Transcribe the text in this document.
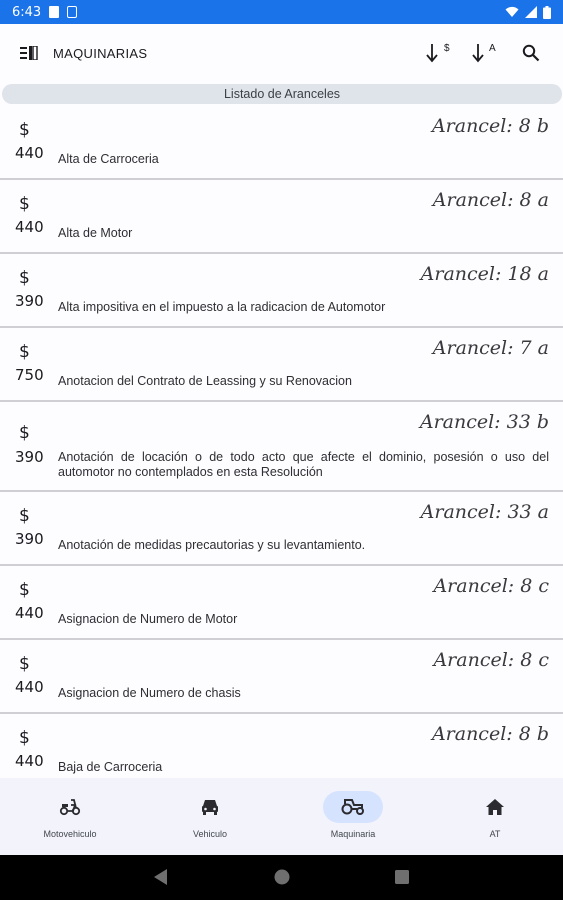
6:43
MAQUINARIAS	$	A
Listado de Aranceles
$
440
Arancel: 8 b
Alta de Carroceria
$
440
Arancel: 8 a
Alta de Motor
$
390
Arancel: 18 a
Alta impositiva en el impuesto a la radicacion de Automotor
$
750
Arancel: 7 a
Anotacion del Contrato de Leassing y su Renovacion
$
390
Arancel: 33 b
Anotación de locación o de todo acto que afecte el dominio, posesión o uso del automotor no contemplados en esta Resolución
$
390
Arancel: 33 a
Anotación de medidas precautorias y su levantamiento.
$
440
Arancel: 8 c
Asignacion de Numero de Motor
$
440
Arancel: 8 c
Asignacion de Numero de chasis
$
440
Arancel: 8 b
Baja de Carroceria
Motovehiculo	Vehiculo	Maquinaria	AT
